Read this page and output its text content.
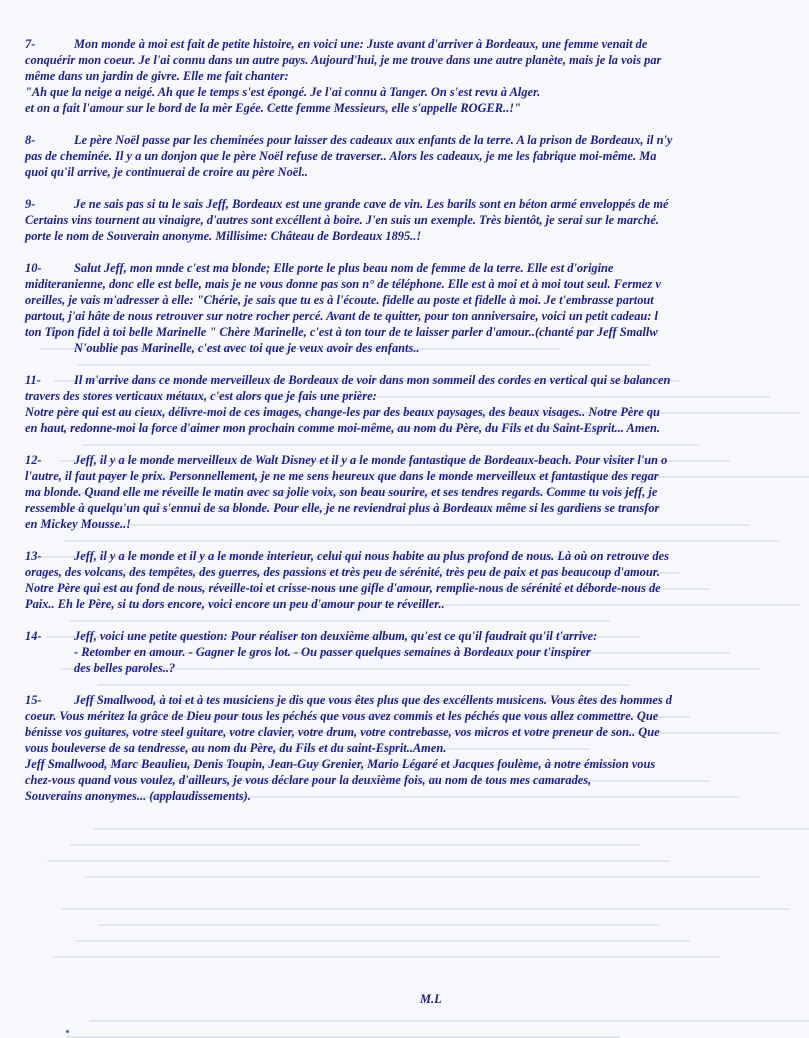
7-	Mon monde à moi est fait de petite histoire, en voici une: Juste avant d'arriver à Bordeaux, une femme venait de
conquérir mon coeur. Je l'ai connu dans un autre pays. Aujourd'hui, je me trouve dans une autre planète, mais je la vois par
même dans un jardin de givre. Elle me fait chanter:
"Ah que la neige a neigé. Ah que le temps s'est épongé. Je l'ai connu à Tanger. On s'est revu à Alger.
et on a fait l'amour sur le bord de la mèr Egée. Cette femme Messieurs, elle s'appelle ROGER..!"
8-	Le père Noël passe par les cheminées pour laisser des cadeaux aux enfants de la terre. A la prison de Bordeaux, il n'y
pas de cheminée. Il y a un donjon que le père Noël refuse de traverser.. Alors les cadeaux, je me les fabrique moi-même. Ma
quoi qu'il arrive, je continuerai de croire au père Noël..
9-	Je ne sais pas si tu le sais Jeff, Bordeaux est une grande cave de vin. Les barils sont en béton armé enveloppés de mé
Certains vins tournent au vinaigre, d'autres sont excéllent à boire. J'en suis un exemple. Très bientôt, je serai sur le marché.
porte le nom de Souverain anonyme. Millisime: Château de Bordeaux 1895..!
10-	Salut Jeff, mon mnde c'est ma blonde; Elle porte le plus beau nom de femme de la terre. Elle est d'origine
miditeranienne, donc elle est belle, mais je ne vous donne pas son n° de téléphone. Elle est à moi et à moi tout seul. Fermez v
oreilles, je vais m'adresser à elle: "Chérie, je sais que tu es à l'écoute. fidelle au poste et fidelle à moi. Je t'embrasse partout
partout, j'ai hâte de nous retrouver sur notre rocher percé. Avant de te quitter, pour ton anniversaire, voici un petit cadeau: l
ton Tipon fidel à toi belle Marinelle " Chère Marinelle, c'est à ton tour de te laisser parler d'amour..(chanté par Jeff Smallw
N'oublie pas Marinelle, c'est avec toi que je veux avoir des enfants..
11-	Il m'arrive dans ce monde merveilleux de Bordeaux de voir dans mon sommeil des cordes en vertical qui se balancen
travers des stores verticaux métaux, c'est alors que je fais une prière:
Notre père qui est au cieux, délivre-moi de ces images, change-les par des beaux paysages, des beaux visages.. Notre Père qu
en haut, redonne-moi la force d'aimer mon prochain comme moi-même, au nom du Père, du Fils et du Saint-Esprit... Amen.
12-	Jeff, il y a le monde merveilleux de Walt Disney et il y a le monde fantastique de Bordeaux-beach. Pour visiter l'un o
l'autre, il faut payer le prix. Personnellement, je ne me sens heureux que dans le monde merveilleux et fantastique des regar
ma blonde. Quand elle me réveille le matin avec sa jolie voix, son beau sourire, et ses tendres regards. Comme tu vois jeff, je
ressemble à quelqu'un qui s'ennui de sa blonde. Pour elle, je ne reviendrai plus à Bordeaux même si les gardiens se transfor
en Mickey Mousse..!
13-	Jeff, il y a le monde et il y a le monde interieur, celui qui nous habite au plus profond de nous. Là où on retrouve des
orages, des volcans, des tempêtes, des guerres, des passions et très peu de sérénité, très peu de paix et pas beaucoup d'amour.
Notre Père qui est au fond de nous, réveille-toi et crisse-nous une gifle d'amour, remplie-nous de sérénité et déborde-nous de
Paix.. Eh le Père, si tu dors encore, voici encore un peu d'amour pour te réveiller..
14-	Jeff, voici une petite question: Pour réaliser ton deuxième album, qu'est ce qu'il faudrait qu'il t'arrive:
- Retomber en amour. - Gagner le gros lot. - Ou passer quelques semaines à Bordeaux pour t'inspirer
des belles paroles..?
15-	Jeff Smallwood, à toi et à tes musiciens je dis que vous êtes plus que des excéllents musicens. Vous êtes des hommes d
coeur. Vous méritez la grâce de Dieu pour tous les péchés que vous avez commis et les péchés que vous allez commettre. Que
bénisse vos guitares, votre steel guitare, votre clavier, votre drum, votre contrebasse, vos micros et votre preneur de son.. Que
vous bouleverse de sa tendresse, au nom du Père, du Fils et du saint-Esprit..Amen.
Jeff Smallwood, Marc Beaulieu, Denis Toupin, Jean-Guy Grenier, Mario Légaré et Jacques foulème, à notre émission vous
chez-vous quand vous voulez, d'ailleurs, je vous déclare pour la deuxième fois, au nom de tous mes camarades,
Souverains anonymes... (applaudissements).
M.L
